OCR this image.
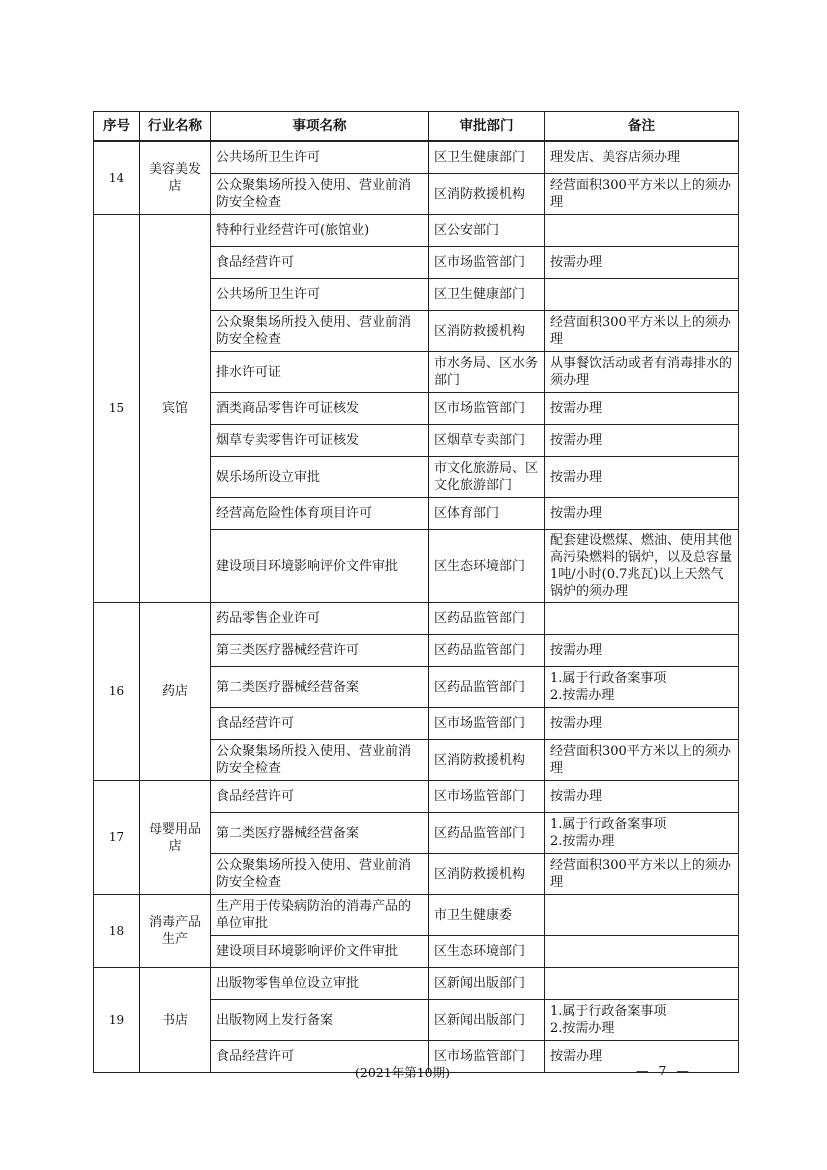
序号	行业名称	事项名称	审批部门	备注
14	美容美发店	公共场所卫生许可	区卫生健康部门	理发店、美容店须办理
		公众聚集场所投入使用、营业前消防安全检查	区消防救援机构	经营面积300平方米以上的须办理
15	宾馆	特种行业经营许可(旅馆业)	区公安部门	
		食品经营许可	区市场监管部门	按需办理
		公共场所卫生许可	区卫生健康部门	
		公众聚集场所投入使用、营业前消防安全检查	区消防救援机构	经营面积300平方米以上的须办理
		排水许可证	市水务局、区水务部门	从事餐饮活动或者有消毒排水的须办理
		酒类商品零售许可证核发	区市场监管部门	按需办理
		烟草专卖零售许可证核发	区烟草专卖部门	按需办理
		娱乐场所设立审批	市文化旅游局、区文化旅游部门	按需办理
		经营高危险性体育项目许可	区体育部门	按需办理
		建设项目环境影响评价文件审批	区生态环境部门	配套建设燃煤、燃油、使用其他高污染燃料的锅炉，以及总容量1吨/小时(0.7兆瓦)以上天然气锅炉的须办理
16	药店	药品零售企业许可	区药品监管部门	
		第三类医疗器械经营许可	区药品监管部门	按需办理
		第二类医疗器械经营备案	区药品监管部门	1.属于行政备案事项
2.按需办理
		食品经营许可	区市场监管部门	按需办理
		公众聚集场所投入使用、营业前消防安全检查	区消防救援机构	经营面积300平方米以上的须办理
17	母婴用品店	食品经营许可	区市场监管部门	按需办理
		第二类医疗器械经营备案	区药品监管部门	1.属于行政备案事项
2.按需办理
		公众聚集场所投入使用、营业前消防安全检查	区消防救援机构	经营面积300平方米以上的须办理
18	消毒产品生产	生产用于传染病防治的消毒产品的单位审批	市卫生健康委	
		建设项目环境影响评价文件审批	区生态环境部门	
19	书店	出版物零售单位设立审批	区新闻出版部门	
		出版物网上发行备案	区新闻出版部门	1.属于行政备案事项
2.按需办理
		食品经营许可	区市场监管部门	按需办理
(2021年第10期)	— 7 —
